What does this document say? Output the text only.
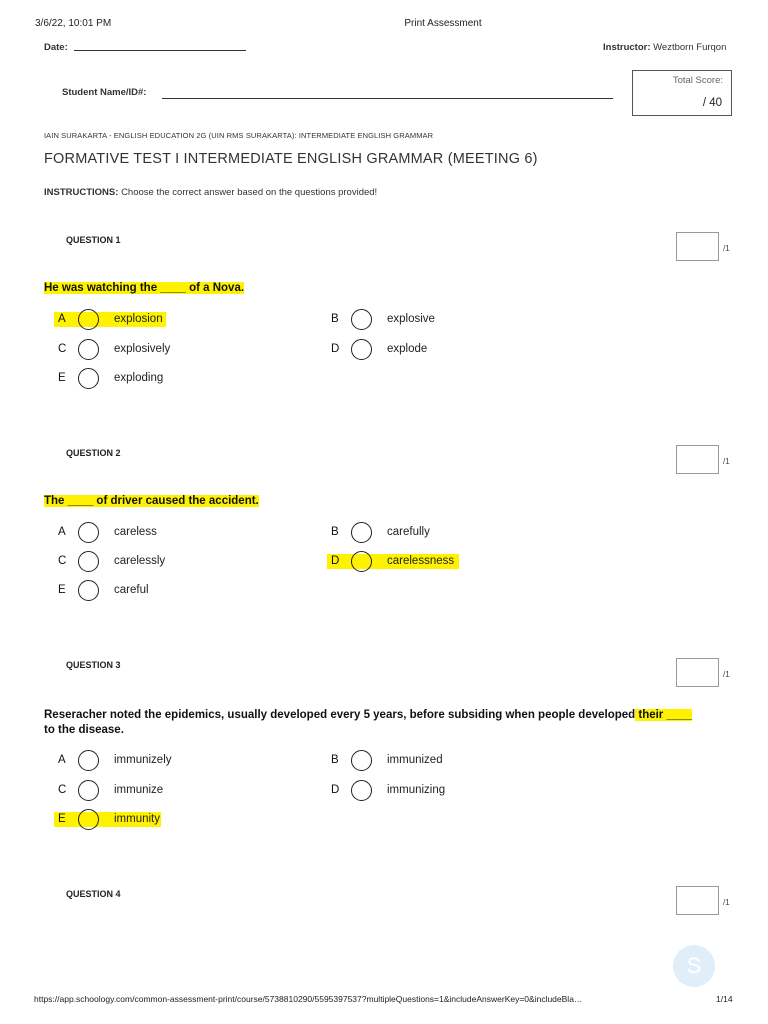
3/6/22, 10:01 PM	Print Assessment
Date:	Instructor: Weztborn Furqon
Student Name/ID#:
Total Score:
/ 40
IAIN SURAKARTA - ENGLISH EDUCATION 2G (UIN RMS SURAKARTA): INTERMEDIATE ENGLISH GRAMMAR
FORMATIVE TEST I INTERMEDIATE ENGLISH GRAMMAR (MEETING 6)
INSTRUCTIONS: Choose the correct answer based on the questions provided!
QUESTION 1
/1
He was watching the ____ of a Nova.
A	explosion	B	explosive
C	explosively	D	explode
E	exploding
QUESTION 2
/1
The ____ of driver caused the accident.
A	careless	B	carefully
C	carelessly	D	carelessness
E	careful
QUESTION 3
/1
Reseracher noted the epidemics, usually developed every 5 years, before subsiding when people developed their ____
to the disease.
A	immunizely	B	immunized
C	immunize	D	immunizing
E	immunity
QUESTION 4
/1
S
https://app.schoology.com/common-assessment-print/course/5738810290/5595397537?multipleQuestions=1&includeAnswerKey=0&includeBla…	1/14
